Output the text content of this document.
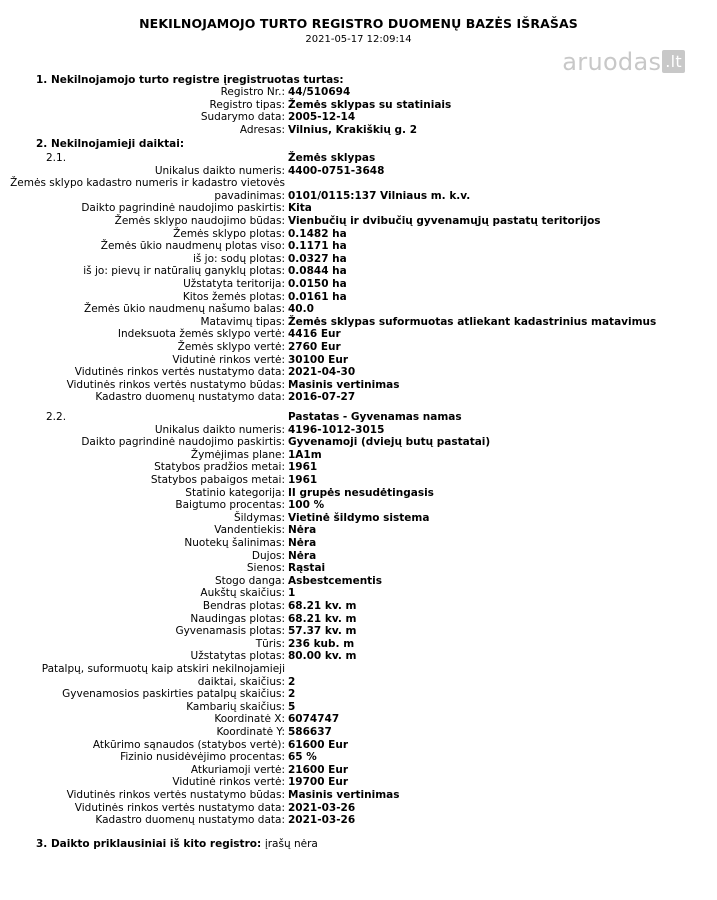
NEKILNOJAMOJO TURTO REGISTRO DUOMENŲ BAZĖS IŠRAŠAS
2021-05-17 12:09:14
aruodas .lt
1. Nekilnojamojo turto registre įregistruotas turtas:
Registro Nr.: 44/510694
Registro tipas: Žemės sklypas su statiniais
Sudarymo data: 2005-12-14
Adresas: Vilnius, Krakiškių g. 2
2. Nekilnojamieji daiktai:
2.1.	Žemės sklypas
Unikalus daikto numeris: 4400-0751-3648
Žemės sklypo kadastro numeris ir kadastro vietovės
pavadinimas: 0101/0115:137 Vilniaus m. k.v.
Daikto pagrindinė naudojimo paskirtis: Kita
Žemės sklypo naudojimo būdas: Vienbučių ir dvibučių gyvenamųjų pastatų teritorijos
Žemės sklypo plotas: 0.1482 ha
Žemės ūkio naudmenų plotas viso: 0.1171 ha
iš jo: sodų plotas: 0.0327 ha
iš jo: pievų ir natūralių ganyklų plotas: 0.0844 ha
Užstatyta teritorija: 0.0150 ha
Kitos žemės plotas: 0.0161 ha
Žemės ūkio naudmenų našumo balas: 40.0
Matavimų tipas: Žemės sklypas suformuotas atliekant kadastrinius matavimus
Indeksuota žemės sklypo vertė: 4416 Eur
Žemės sklypo vertė: 2760 Eur
Vidutinė rinkos vertė: 30100 Eur
Vidutinės rinkos vertės nustatymo data: 2021-04-30
Vidutinės rinkos vertės nustatymo būdas: Masinis vertinimas
Kadastro duomenų nustatymo data: 2016-07-27
2.2.	Pastatas - Gyvenamas namas
Unikalus daikto numeris: 4196-1012-3015
Daikto pagrindinė naudojimo paskirtis: Gyvenamoji (dviejų butų pastatai)
Žymėjimas plane: 1A1m
Statybos pradžios metai: 1961
Statybos pabaigos metai: 1961
Statinio kategorija: II grupės nesudėtingasis
Baigtumo procentas: 100 %
Šildymas: Vietinė šildymo sistema
Vandentiekis: Nėra
Nuotekų šalinimas: Nėra
Dujos: Nėra
Sienos: Rąstai
Stogo danga: Asbestcementis
Aukštų skaičius: 1
Bendras plotas: 68.21 kv. m
Naudingas plotas: 68.21 kv. m
Gyvenamasis plotas: 57.37 kv. m
Tūris: 236 kub. m
Užstatytas plotas: 80.00 kv. m
Patalpų, suformuotų kaip atskiri nekilnojamieji
daiktai, skaičius: 2
Gyvenamosios paskirties patalpų skaičius: 2
Kambarių skaičius: 5
Koordinatė X: 6074747
Koordinatė Y: 586637
Atkūrimo sąnaudos (statybos vertė): 61600 Eur
Fizinio nusidėvėjimo procentas: 65 %
Atkuriamoji vertė: 21600 Eur
Vidutinė rinkos vertė: 19700 Eur
Vidutinės rinkos vertės nustatymo būdas: Masinis vertinimas
Vidutinės rinkos vertės nustatymo data: 2021-03-26
Kadastro duomenų nustatymo data: 2021-03-26
3. Daikto priklausiniai iš kito registro: įrašų nėra
